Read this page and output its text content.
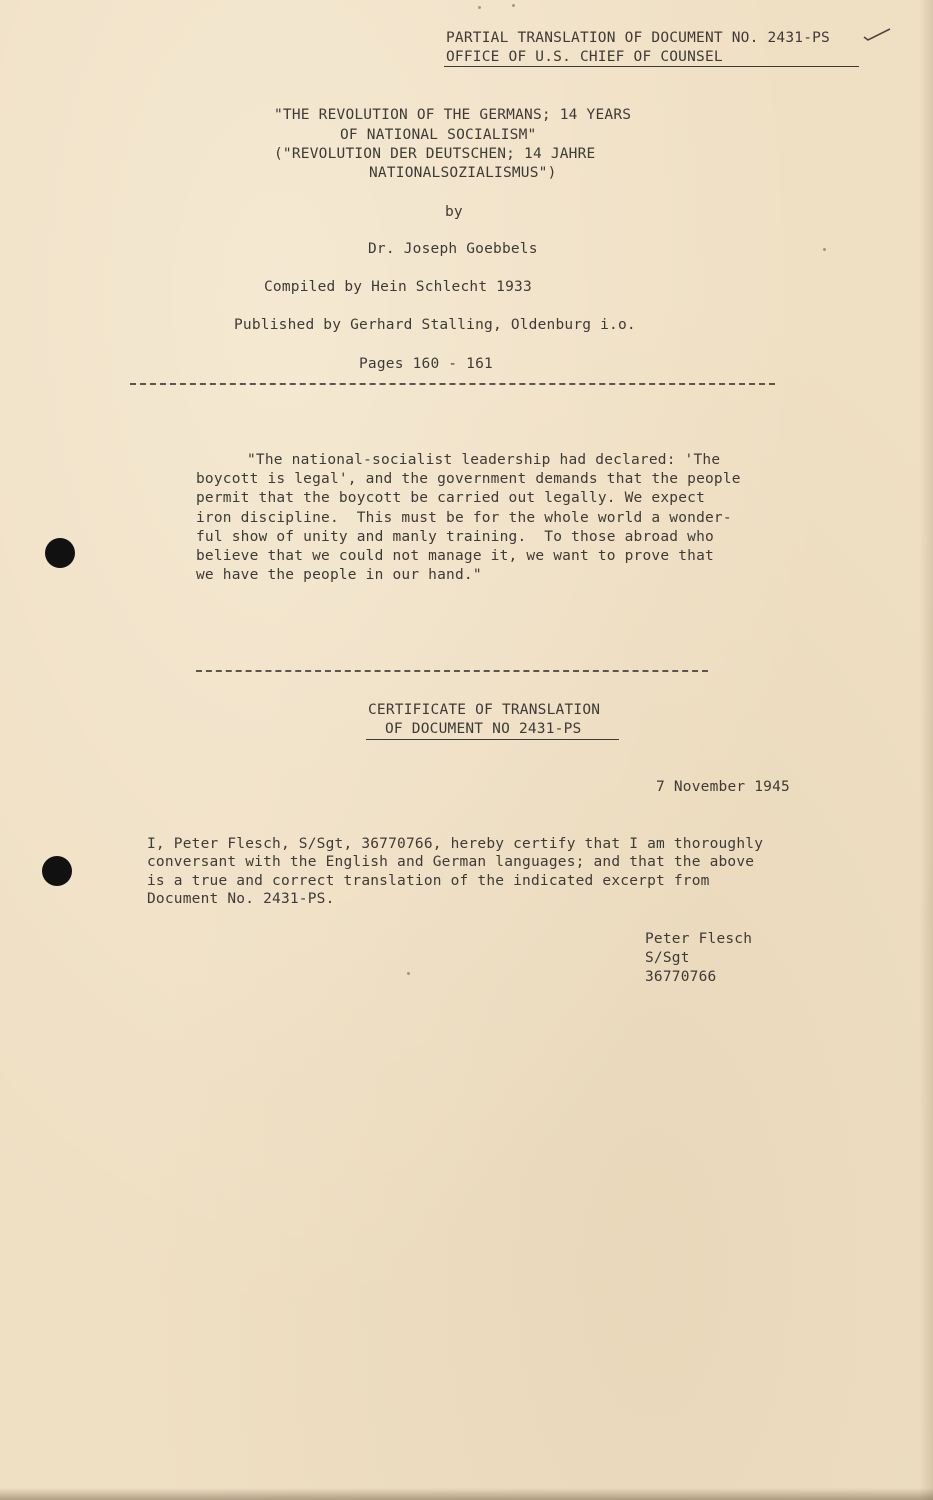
PARTIAL TRANSLATION OF DOCUMENT NO. 2431-PS
OFFICE OF U.S. CHIEF OF COUNSEL
"THE REVOLUTION OF THE GERMANS; 14 YEARS
OF NATIONAL SOCIALISM"
("REVOLUTION DER DEUTSCHEN; 14 JAHRE
NATIONALSOZIALISMUS")
by
Dr. Joseph Goebbels
Compiled by Hein Schlecht 1933
Published by Gerhard Stalling, Oldenburg i.o.
Pages 160 - 161
"The national-socialist leadership had declared: 'The
boycott is legal', and the government demands that the people
permit that the boycott be carried out legally. We expect
iron discipline.  This must be for the whole world a wonder-
ful show of unity and manly training.  To those abroad who
believe that we could not manage it, we want to prove that
we have the people in our hand."
CERTIFICATE OF TRANSLATION
OF DOCUMENT NO 2431-PS
7 November 1945
I, Peter Flesch, S/Sgt, 36770766, hereby certify that I am thoroughly
conversant with the English and German languages; and that the above
is a true and correct translation of the indicated excerpt from
Document No. 2431-PS.
Peter Flesch
S/Sgt
36770766
